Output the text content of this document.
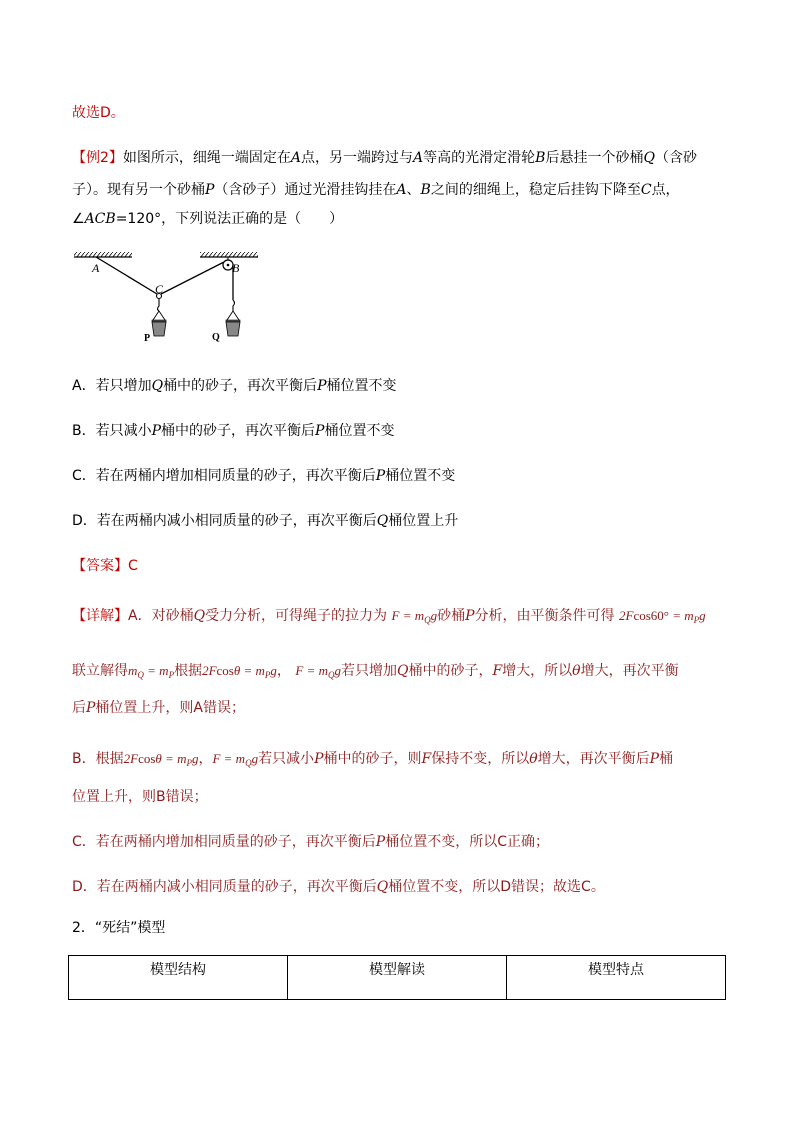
故选D。
【例2】如图所示，细绳一端固定在A点，另一端跨过与A等高的光滑定滑轮B后悬挂一个砂桶Q（含砂
子）。现有另一个砂桶P（含砂子）通过光滑挂钩挂在A、B之间的细绳上，稳定后挂钩下降至C点，
∠ACB=120°，下列说法正确的是（　　）
A	B
C
P	Q
A．若只增加Q桶中的砂子，再次平衡后P桶位置不变
B．若只减小P桶中的砂子，再次平衡后P桶位置不变
C．若在两桶内增加相同质量的砂子，再次平衡后P桶位置不变
D．若在两桶内减小相同质量的砂子，再次平衡后Q桶位置上升
【答案】C
【详解】A．对砂桶Q受力分析，可得绳子的拉力为 $F = m_Qg$砂桶P分析，由平衡条件可得 $2Fcos60^\circ = m_Pg$
联立解得$m_Q = m_P$根据$2Fcos\theta = m_Pg$， $F = m_Qg$若只增加Q桶中的砂子，F增大，所以θ增大，再次平衡
后P桶位置上升，则A错误；
B．根据$2Fcos\theta = m_Pg$，$F = m_Qg$若只减小P桶中的砂子，则F保持不变，所以θ增大，再次平衡后P桶
位置上升，则B错误；
C．若在两桶内增加相同质量的砂子，再次平衡后P桶位置不变，所以C正确；
D．若在两桶内减小相同质量的砂子，再次平衡后Q桶位置不变，所以D错误；故选C。
2．“死结”模型
模型结构	模型解读	模型特点
